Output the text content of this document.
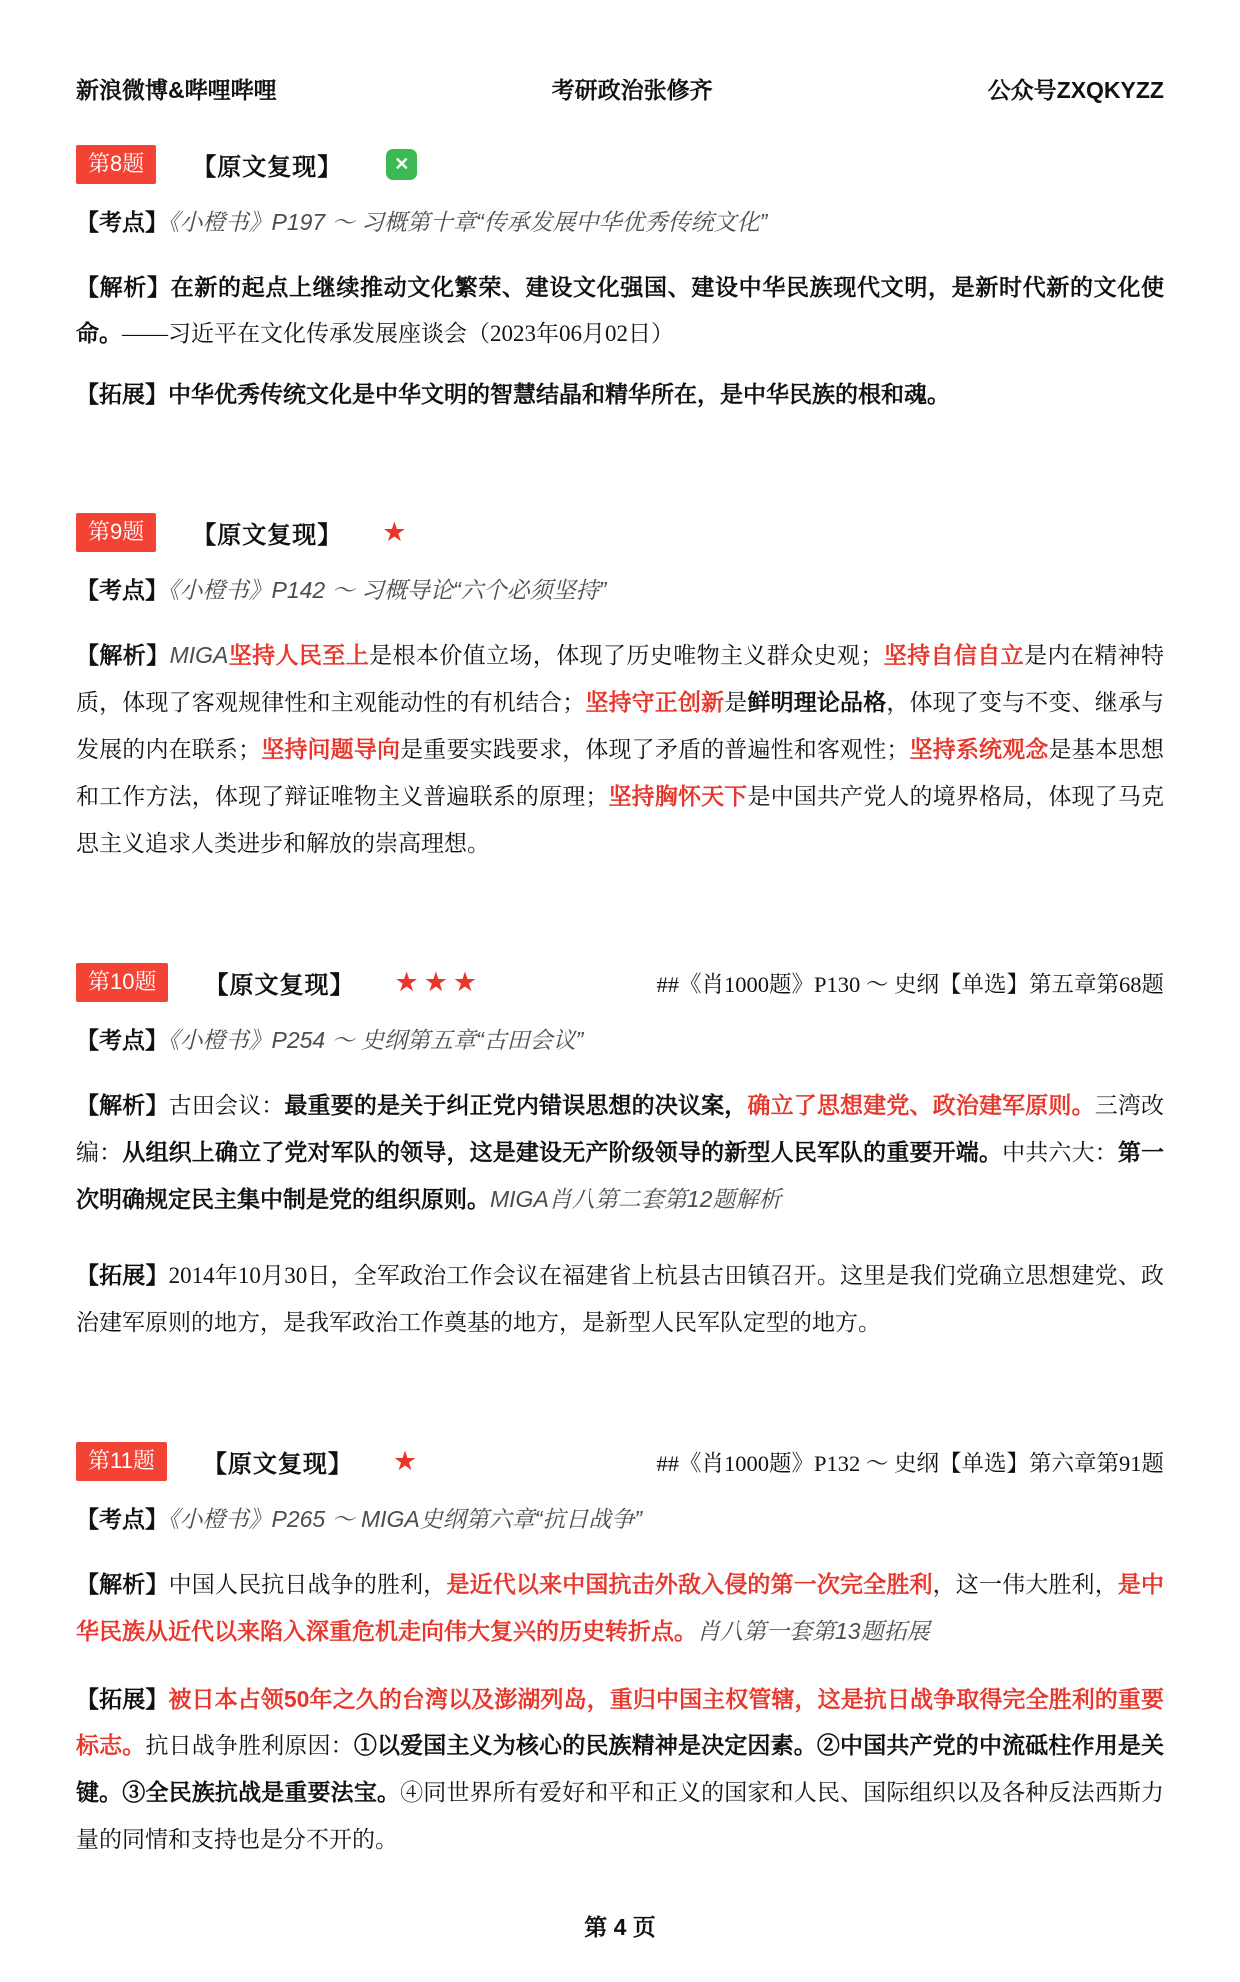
新浪微博&哔哩哔哩	考研政治张修齐	公众号ZXQKYZZ
第8题	【原文复现】	✕

【考点】《小橙书》P197 ～ 习概第十章“传承发展中华优秀传统文化”

【解析】在新的起点上继续推动文化繁荣、建设文化强国、建设中华民族现代文明，是新时代新的文化使命。——习近平在文化传承发展座谈会（2023年06月02日）

【拓展】中华优秀传统文化是中华文明的智慧结晶和精华所在，是中华民族的根和魂。

第9题	【原文复现】 ★

【考点】《小橙书》P142 ～ 习概导论“六个必须坚持”

【解析】MIGA坚持人民至上是根本价值立场，体现了历史唯物主义群众史观；坚持自信自立是内在精神特质，体现了客观规律性和主观能动性的有机结合；坚持守正创新是鲜明理论品格，体现了变与不变、继承与发展的内在联系；坚持问题导向是重要实践要求，体现了矛盾的普遍性和客观性；坚持系统观念是基本思想和工作方法，体现了辩证唯物主义普遍联系的原理；坚持胸怀天下是中国共产党人的境界格局，体现了马克思主义追求人类进步和解放的崇高理想。

第10题	【原文复现】 ★★★	##《肖1000题》P130 ～ 史纲【单选】第五章第68题

【考点】《小橙书》P254 ～ 史纲第五章“古田会议”

【解析】古田会议：最重要的是关于纠正党内错误思想的决议案，确立了思想建党、政治建军原则。三湾改编：从组织上确立了党对军队的领导，这是建设无产阶级领导的新型人民军队的重要开端。中共六大：第一次明确规定民主集中制是党的组织原则。MIGA肖八第二套第12题解析

【拓展】2014年10月30日，全军政治工作会议在福建省上杭县古田镇召开。这里是我们党确立思想建党、政治建军原则的地方，是我军政治工作奠基的地方，是新型人民军队定型的地方。

第11题	【原文复现】 ★	##《肖1000题》P132 ～ 史纲【单选】第六章第91题

【考点】《小橙书》P265 ～ MIGA史纲第六章“抗日战争”

【解析】中国人民抗日战争的胜利，是近代以来中国抗击外敌入侵的第一次完全胜利，这一伟大胜利，是中华民族从近代以来陷入深重危机走向伟大复兴的历史转折点。肖八第一套第13题拓展

【拓展】被日本占领50年之久的台湾以及澎湖列岛，重归中国主权管辖，这是抗日战争取得完全胜利的重要标志。抗日战争胜利原因：①以爱国主义为核心的民族精神是决定因素。②中国共产党的中流砥柱作用是关键。③全民族抗战是重要法宝。④同世界所有爱好和平和正义的国家和人民、国际组织以及各种反法西斯力量的同情和支持也是分不开的。

第 4 页
